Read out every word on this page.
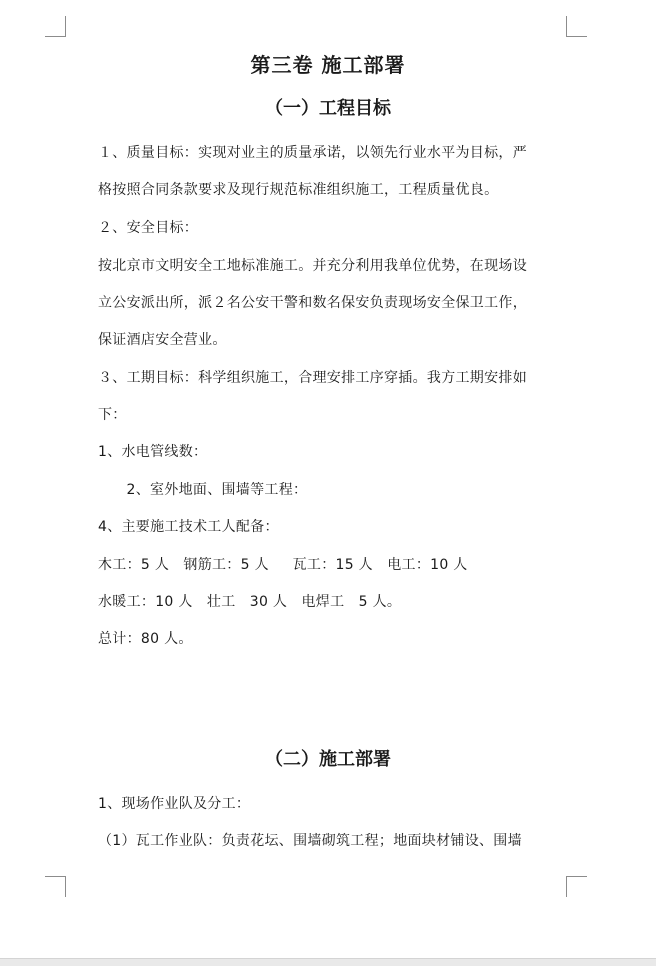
第三卷 施工部署
（一）工程目标
１、质量目标：实现对业主的质量承诺，以领先行业水平为目标，严
格按照合同条款要求及现行规范标准组织施工，工程质量优良。
２、安全目标：
按北京市文明安全工地标准施工。并充分利用我单位优势，在现场设
立公安派出所，派２名公安干警和数名保安负责现场安全保卫工作，
保证酒店安全营业。
３、工期目标：科学组织施工，合理安排工序穿插。我方工期安排如
下：
1、水电管线数：
2、室外地面、围墙等工程：
4、主要施工技术工人配备：
木工：5 人   钢筋工：5 人     瓦工：15 人   电工：10 人
水暖工：10 人   壮工   30 人   电焊工   5 人。
总计：80 人。
（二）施工部署
1、现场作业队及分工：
（1）瓦工作业队：负责花坛、围墙砌筑工程；地面块材铺设、围墙
